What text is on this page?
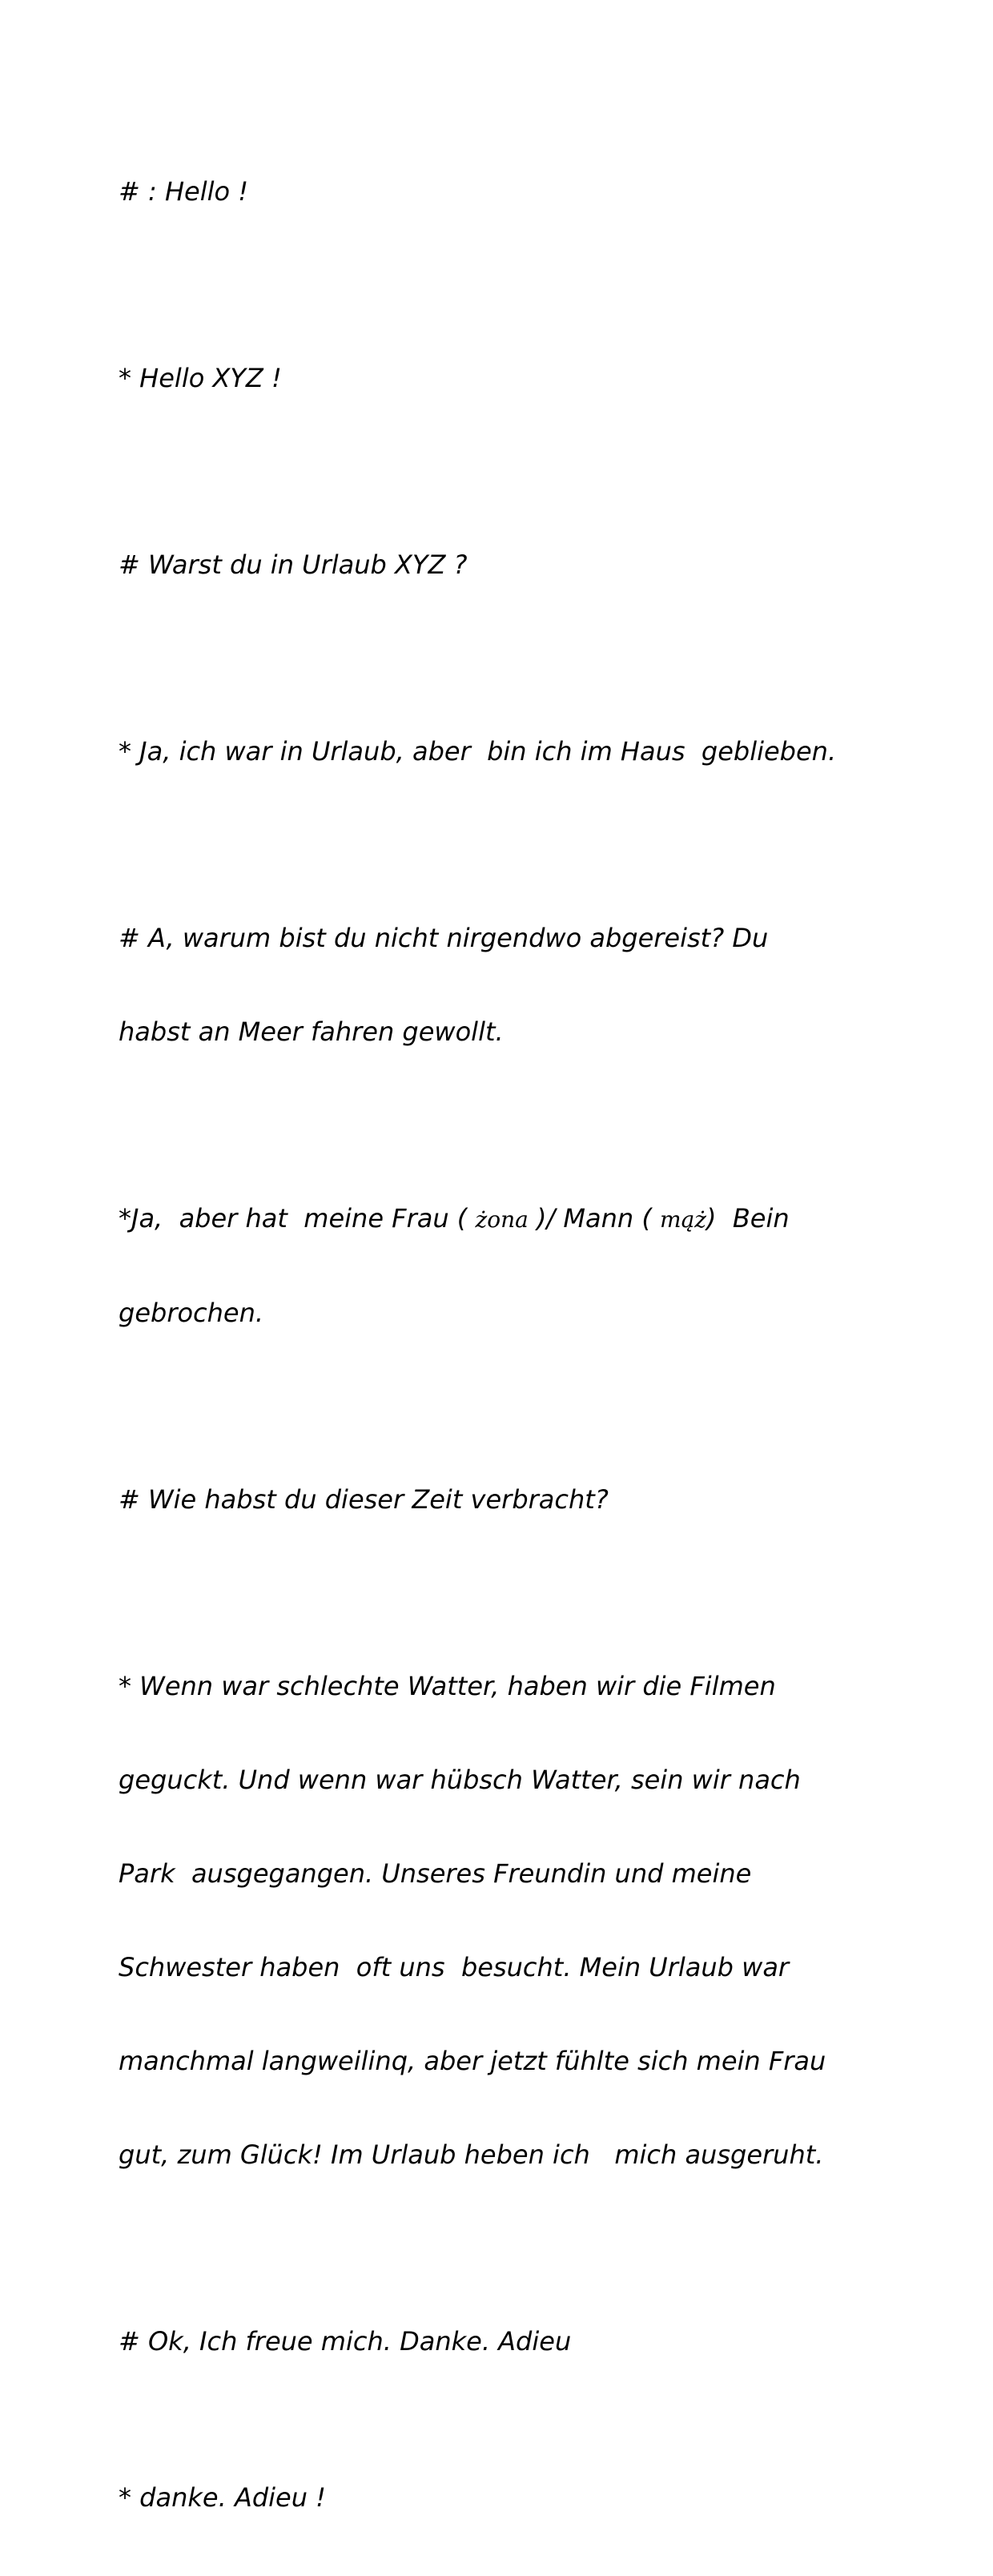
# : Hello !

* Hello XYZ !

# Warst du in Urlaub XYZ ?

* Ja, ich war in Urlaub, aber  bin ich im Haus  geblieben.

# A, warum bist du nicht nirgendwo abgereist? Du

habst an Meer fahren gewollt.

*Ja,  aber hat  meine Frau ( żona )/ Mann ( mąż)  Bein

gebrochen.

# Wie habst du dieser Zeit verbracht?

* Wenn war schlechte Watter, haben wir die Filmen

geguckt. Und wenn war hübsch Watter, sein wir nach

Park  ausgegangen. Unseres Freundin und meine

Schwester haben  oft uns  besucht. Mein Urlaub war

manchmal langweilinq, aber jetzt fühlte sich mein Frau

gut, zum Glück! Im Urlaub heben ich   mich ausgeruht.

# Ok, Ich freue mich. Danke. Adieu

* danke. Adieu !
